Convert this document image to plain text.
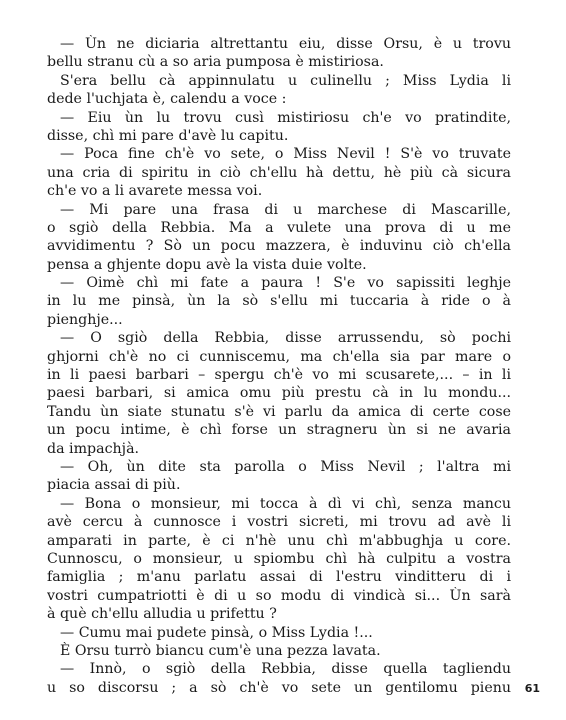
— Ùn ne diciaria altrettantu eiu, disse Orsu, è u trovu
bellu stranu cù a so aria pumposa è mistiriosa.
S'era bellu cà appinnulatu u culinellu ; Miss Lydia li
dede l'uchjata è, calendu a voce :
— Eiu ùn lu trovu cusì mistiriosu ch'e vo pratindite,
disse, chì mi pare d'avè lu capitu.
— Poca fine ch'è vo sete, o Miss Nevil ! S'è vo truvate
una cria di spiritu in ciò ch'ellu hà dettu, hè più cà sicura
ch'e vo a li avarete messa voi.
— Mi pare una frasa di u marchese di Mascarille,
o sgiò della Rebbia. Ma a vulete una prova di u me
avvidimentu ? Sò un pocu mazzera, è induvinu ciò ch'ella
pensa a ghjente dopu avè la vista duie volte.
— Oimè chì mi fate a paura ! S'e vo sapissiti leghje
in lu me pinsà, ùn la sò s'ellu mi tuccaria à ride o à
pienghje...
— O sgiò della Rebbia, disse arrussendu, sò pochi
ghjorni ch'è no ci cunniscemu, ma ch'ella sia par mare o
in li paesi barbari – spergu ch'è vo mi scusarete,... – in li
paesi barbari, si amica omu più prestu cà in lu mondu...
Tandu ùn siate stunatu s'è vi parlu da amica di certe cose
un pocu intime, è chì forse un stragneru ùn si ne avaria
da impachjà.
— Oh, ùn dite sta parolla o Miss Nevil ; l'altra mi
piacia assai di più.
— Bona o monsieur, mi tocca à dì vi chì, senza mancu
avè cercu à cunnosce i vostri sicreti, mi trovu ad avè li
amparati in parte, è ci n'hè unu chì m'abbughja u core.
Cunnoscu, o monsieur, u spiombu chì hà culpitu a vostra
famiglia ; m'anu parlatu assai di l'estru vinditteru di i
vostri cumpatriotti è di u so modu di vindicà si... Ùn sarà
à què ch'ellu alludia u prifettu ?
— Cumu mai pudete pinsà, o Miss Lydia !...
È Orsu turrò biancu cum'è una pezza lavata.
— Innò, o sgiò della Rebbia, disse quella tagliendu
u so discorsu ; a sò ch'è vo sete un gentilomu pienu 61
